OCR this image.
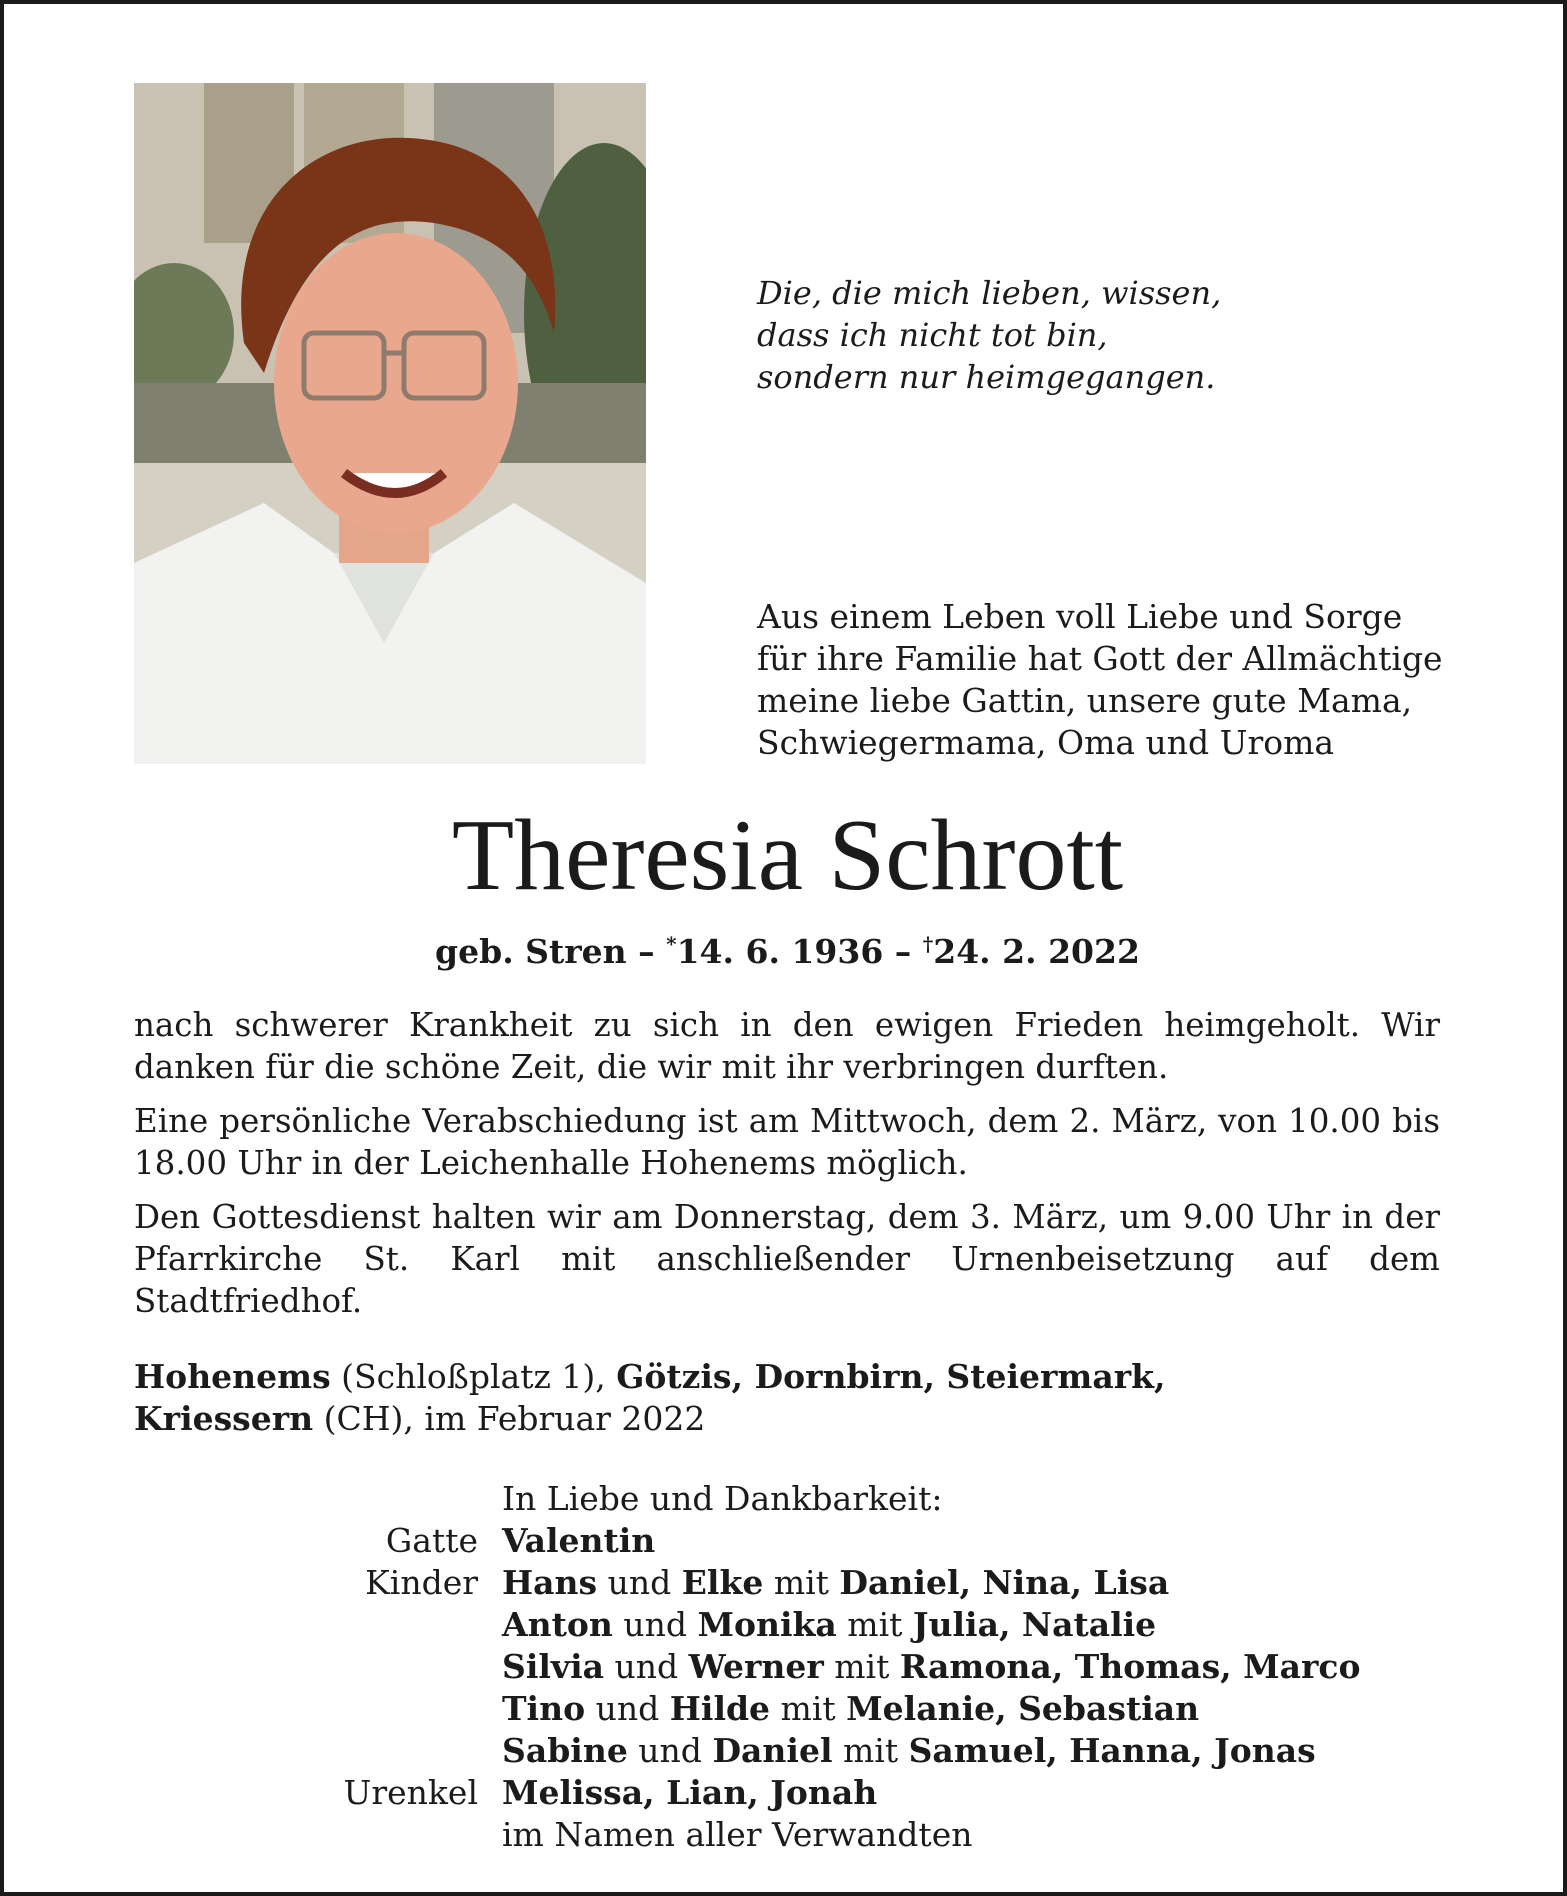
Die, die mich lieben, wissen,
dass ich nicht tot bin,
sondern nur heimgegangen.
Aus einem Leben voll Liebe und Sorge
für ihre Familie hat Gott der Allmächtige
meine liebe Gattin, unsere gute Mama,
Schwiegermama, Oma und Uroma
Theresia Schrott
geb. Stren – *14. 6. 1936 – †24. 2. 2022

nach schwerer Krankheit zu sich in den ewigen Frieden heimgeholt. Wir danken für die schöne Zeit, die wir mit ihr verbringen durften.

Eine persönliche Verabschiedung ist am Mittwoch, dem 2. März, von 10.00 bis 18.00 Uhr in der Leichenhalle Hohenems möglich.

Den Gottesdienst halten wir am Donnerstag, dem 3. März, um 9.00 Uhr in der Pfarrkirche St. Karl mit anschließender Urnenbeisetzung auf dem Stadtfriedhof.

Hohenems (Schloßplatz 1), Götzis, Dornbirn, Steiermark,
Kriessern (CH), im Februar 2022
In Liebe und Dankbarkeit:
Gatte Valentin
Kinder Hans und Elke mit Daniel, Nina, Lisa
Anton und Monika mit Julia, Natalie
Silvia und Werner mit Ramona, Thomas, Marco
Tino und Hilde mit Melanie, Sebastian
Sabine und Daniel mit Samuel, Hanna, Jonas
Urenkel Melissa, Lian, Jonah
im Namen aller Verwandten
